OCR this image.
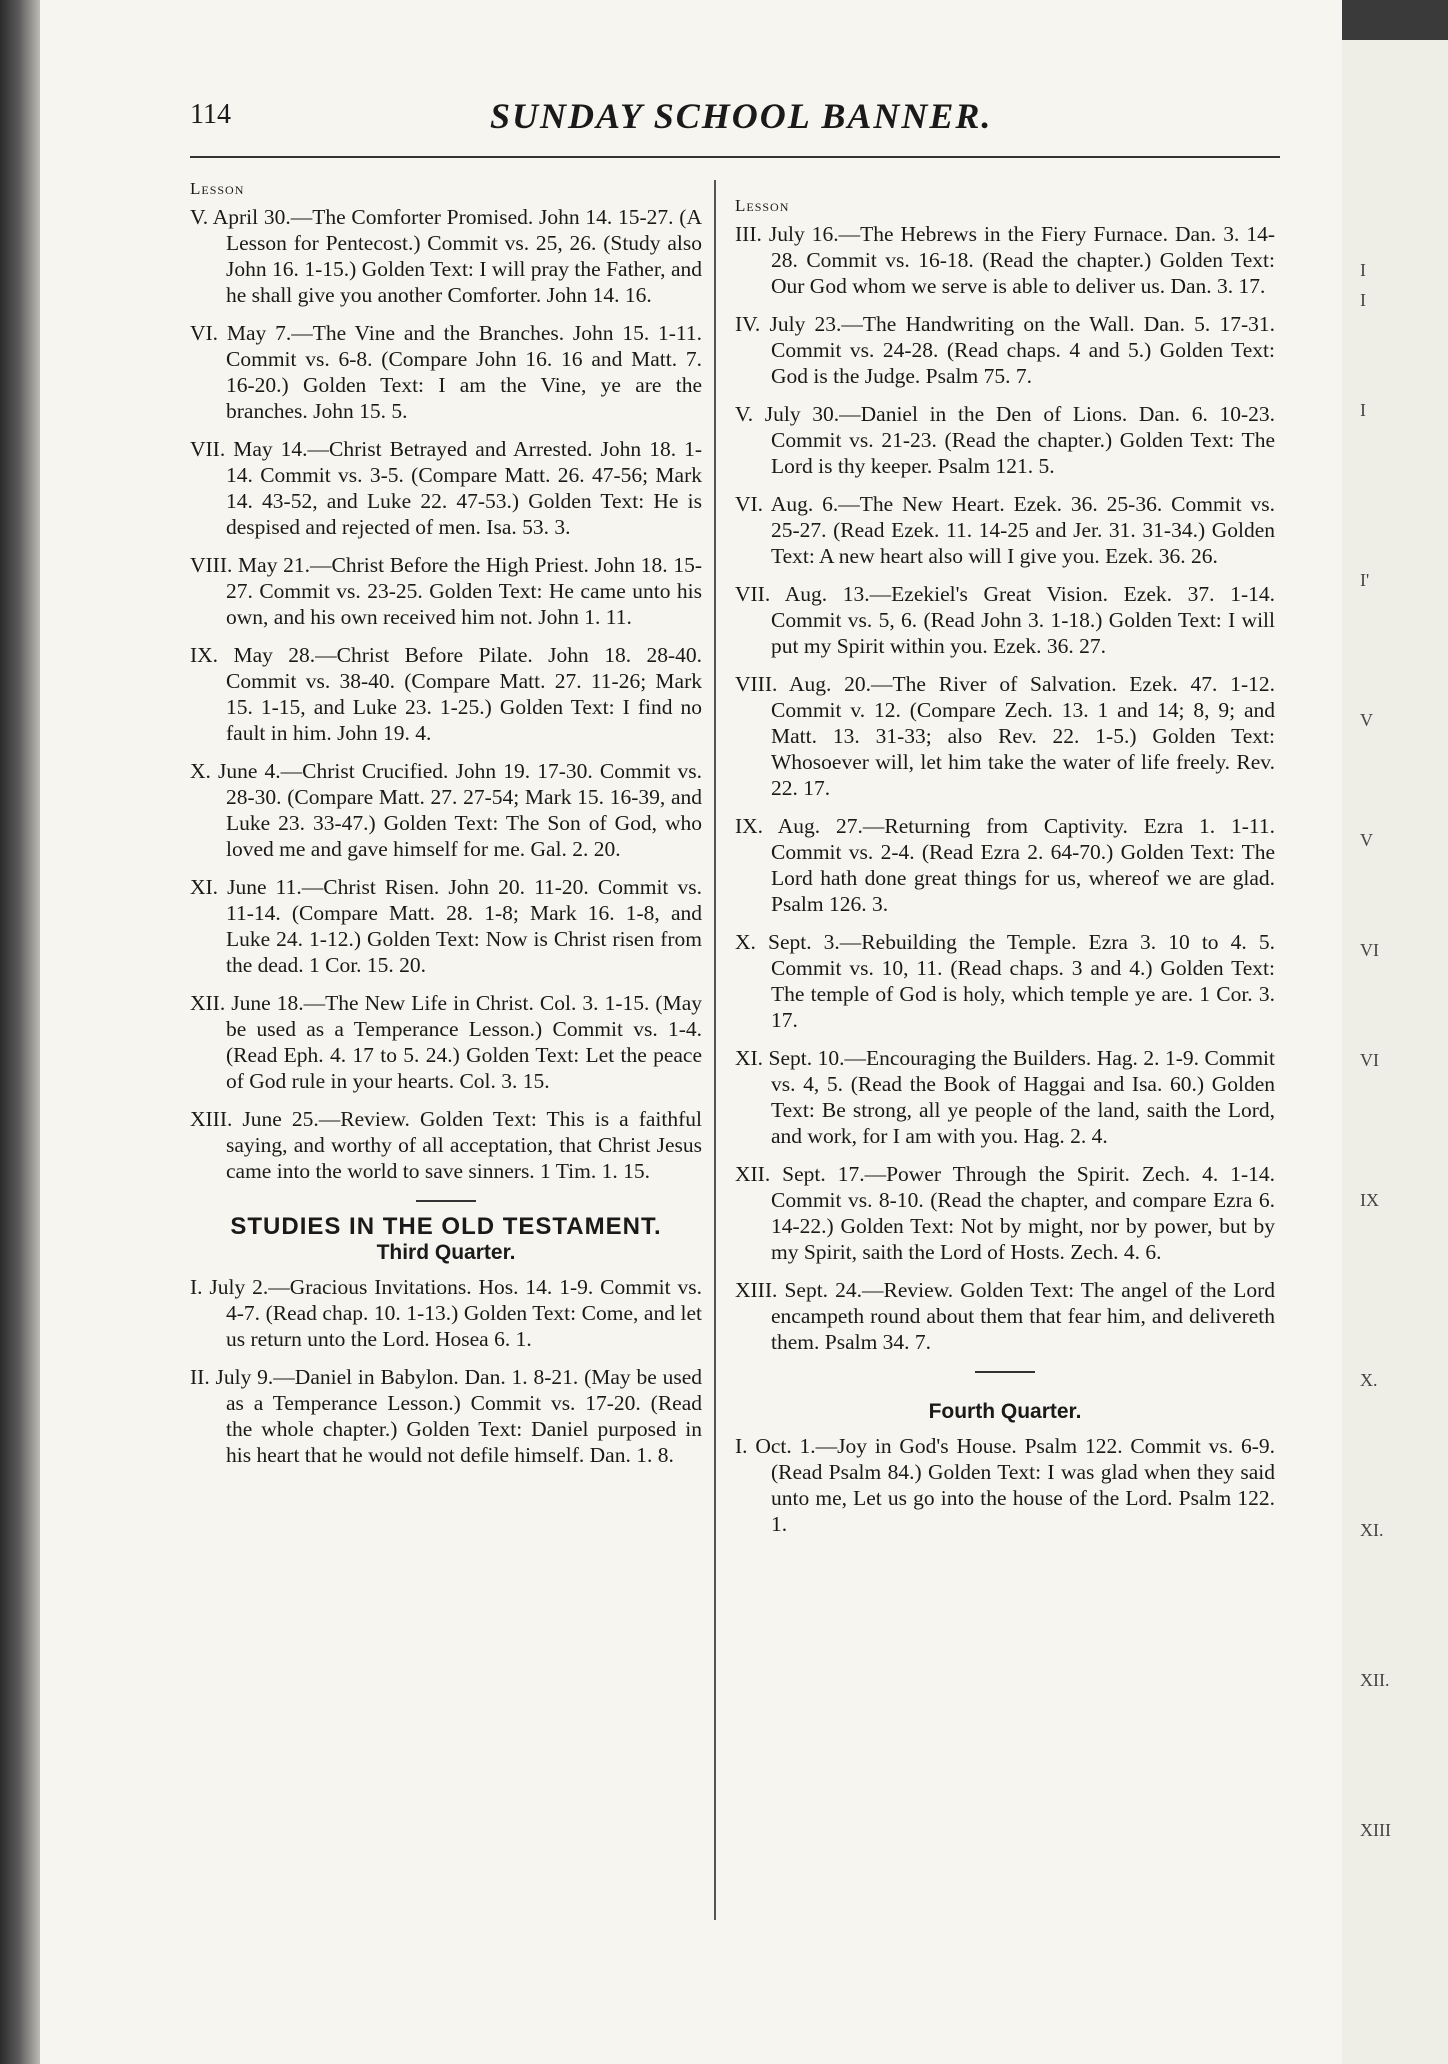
114	SUNDAY SCHOOL BANNER.
Lesson
V. April 30.—The Comforter Promised. John 14. 15-27. (A Lesson for Pentecost.) Commit vs. 25, 26. (Study also John 16. 1-15.) Golden Text: I will pray the Father, and he shall give you another Comforter. John 14. 16.
VI. May 7.—The Vine and the Branches. John 15. 1-11. Commit vs. 6-8. (Compare John 16. 16 and Matt. 7. 16-20.) Golden Text: I am the Vine, ye are the branches. John 15. 5.
VII. May 14.—Christ Betrayed and Arrested. John 18. 1-14. Commit vs. 3-5. (Compare Matt. 26. 47-56; Mark 14. 43-52, and Luke 22. 47-53.) Golden Text: He is despised and rejected of men. Isa. 53. 3.
VIII. May 21.—Christ Before the High Priest. John 18. 15-27. Commit vs. 23-25. Golden Text: He came unto his own, and his own received him not. John 1. 11.
IX. May 28.—Christ Before Pilate. John 18. 28-40. Commit vs. 38-40. (Compare Matt. 27. 11-26; Mark 15. 1-15, and Luke 23. 1-25.) Golden Text: I find no fault in him. John 19. 4.
X. June 4.—Christ Crucified. John 19. 17-30. Commit vs. 28-30. (Compare Matt. 27. 27-54; Mark 15. 16-39, and Luke 23. 33-47.) Golden Text: The Son of God, who loved me and gave himself for me. Gal. 2. 20.
XI. June 11.—Christ Risen. John 20. 11-20. Commit vs. 11-14. (Compare Matt. 28. 1-8; Mark 16. 1-8, and Luke 24. 1-12.) Golden Text: Now is Christ risen from the dead. 1 Cor. 15. 20.
XII. June 18.—The New Life in Christ. Col. 3. 1-15. (May be used as a Temperance Lesson.) Commit vs. 1-4. (Read Eph. 4. 17 to 5. 24.) Golden Text: Let the peace of God rule in your hearts. Col. 3. 15.
XIII. June 25.—Review. Golden Text: This is a faithful saying, and worthy of all acceptation, that Christ Jesus came into the world to save sinners. 1 Tim. 1. 15.
STUDIES IN THE OLD TESTAMENT.
Third Quarter.
I. July 2.—Gracious Invitations. Hos. 14. 1-9. Commit vs. 4-7. (Read chap. 10. 1-13.) Golden Text: Come, and let us return unto the Lord. Hosea 6. 1.
II. July 9.—Daniel in Babylon. Dan. 1. 8-21. (May be used as a Temperance Lesson.) Commit vs. 17-20. (Read the whole chapter.) Golden Text: Daniel purposed in his heart that he would not defile himself. Dan. 1. 8.
Lesson
III. July 16.—The Hebrews in the Fiery Furnace. Dan. 3. 14-28. Commit vs. 16-18. (Read the chapter.) Golden Text: Our God whom we serve is able to deliver us. Dan. 3. 17.
IV. July 23.—The Handwriting on the Wall. Dan. 5. 17-31. Commit vs. 24-28. (Read chaps. 4 and 5.) Golden Text: God is the Judge. Psalm 75. 7.
V. July 30.—Daniel in the Den of Lions. Dan. 6. 10-23. Commit vs. 21-23. (Read the chapter.) Golden Text: The Lord is thy keeper. Psalm 121. 5.
VI. Aug. 6.—The New Heart. Ezek. 36. 25-36. Commit vs. 25-27. (Read Ezek. 11. 14-25 and Jer. 31. 31-34.) Golden Text: A new heart also will I give you. Ezek. 36. 26.
VII. Aug. 13.—Ezekiel's Great Vision. Ezek. 37. 1-14. Commit vs. 5, 6. (Read John 3. 1-18.) Golden Text: I will put my Spirit within you. Ezek. 36. 27.
VIII. Aug. 20.—The River of Salvation. Ezek. 47. 1-12. Commit v. 12. (Compare Zech. 13. 1 and 14; 8, 9; and Matt. 13. 31-33; also Rev. 22. 1-5.) Golden Text: Whosoever will, let him take the water of life freely. Rev. 22. 17.
IX. Aug. 27.—Returning from Captivity. Ezra 1. 1-11. Commit vs. 2-4. (Read Ezra 2. 64-70.) Golden Text: The Lord hath done great things for us, whereof we are glad. Psalm 126. 3.
X. Sept. 3.—Rebuilding the Temple. Ezra 3. 10 to 4. 5. Commit vs. 10, 11. (Read chaps. 3 and 4.) Golden Text: The temple of God is holy, which temple ye are. 1 Cor. 3. 17.
XI. Sept. 10.—Encouraging the Builders. Hag. 2. 1-9. Commit vs. 4, 5. (Read the Book of Haggai and Isa. 60.) Golden Text: Be strong, all ye people of the land, saith the Lord, and work, for I am with you. Hag. 2. 4.
XII. Sept. 17.—Power Through the Spirit. Zech. 4. 1-14. Commit vs. 8-10. (Read the chapter, and compare Ezra 6. 14-22.) Golden Text: Not by might, nor by power, but by my Spirit, saith the Lord of Hosts. Zech. 4. 6.
XIII. Sept. 24.—Review. Golden Text: The angel of the Lord encampeth round about them that fear him, and delivereth them. Psalm 34. 7.
Fourth Quarter.
I. Oct. 1.—Joy in God's House. Psalm 122. Commit vs. 6-9. (Read Psalm 84.) Golden Text: I was glad when they said unto me, Let us go into the house of the Lord. Psalm 122. 1.
I
I
I
I'
V
V
VI
VI
IX
X.
XI.
XII.
XIII
